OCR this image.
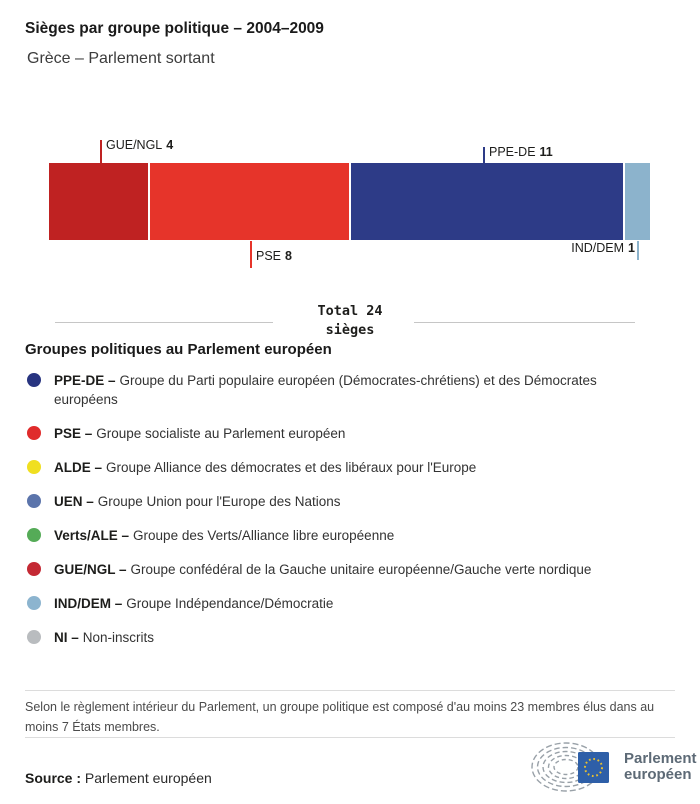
Sièges par groupe politique – 2004–2009
Grèce – Parlement sortant
GUE/NGL 4	PPE-DE 11
PSE 8
IND/DEM 1
Total 24
sièges
Groupes politiques au Parlement européen
PPE-DE – Groupe du Parti populaire européen (Démocrates-chrétiens) et des Démocrates européens
PSE – Groupe socialiste au Parlement européen
ALDE – Groupe Alliance des démocrates et des libéraux pour l'Europe
UEN – Groupe Union pour l'Europe des Nations
Verts/ALE – Groupe des Verts/Alliance libre européenne
GUE/NGL – Groupe confédéral de la Gauche unitaire européenne/Gauche verte nordique
IND/DEM – Groupe Indépendance/Démocratie
NI – Non-inscrits
Selon le règlement intérieur du Parlement, un groupe politique est composé d'au moins 23 membres élus dans au moins 7 États membres.
Source : Parlement européen
Parlement
européen
